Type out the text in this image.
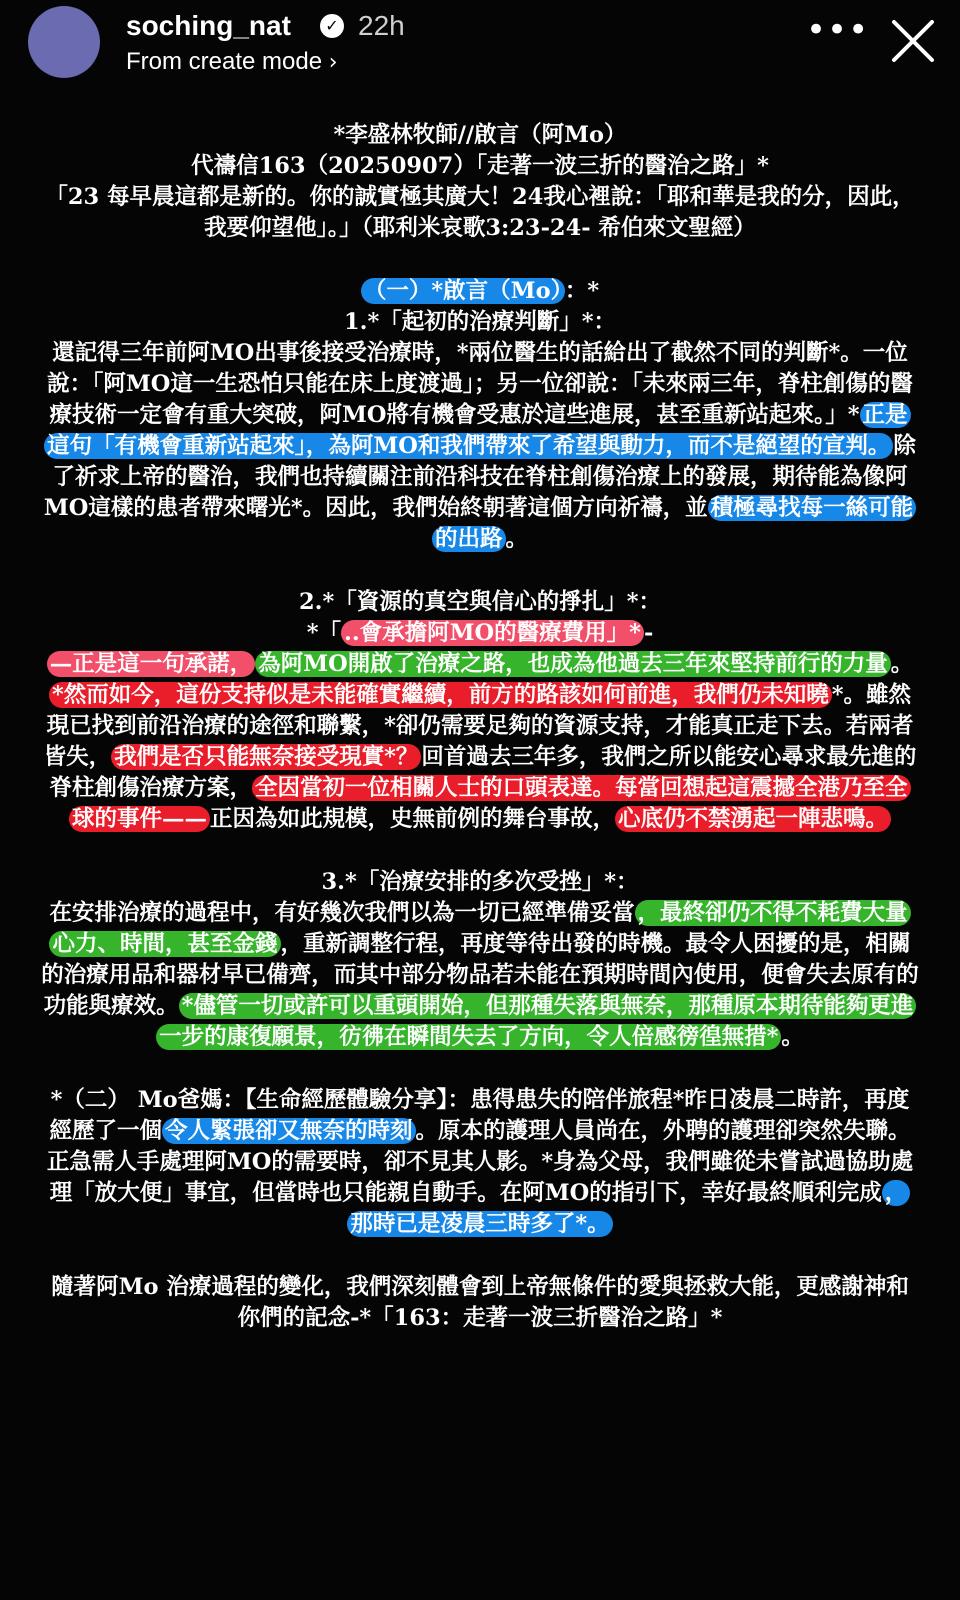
soching_nat	✓ 22h
From create mode ›
•••

*李盛林牧師//啟言（阿Mo）

代禱信163（20250907）「走著一波三折的醫治之路」*

「23 每早晨這都是新的。你的誠實極其廣大！24我心裡說：「耶和華是我的分，因此，我要仰望他」。」（耶利米哀歌3:23-24- 希伯來文聖經）

（一）*啟言（Mo） ：*

1.*「起初的治療判斷」*：

還記得三年前阿MO出事後接受治療時，*兩位醫生的話給出了截然不同的判斷*。一位說：「阿MO這一生恐怕只能在床上度渡過」；另一位卻說：「未來兩三年，脊柱創傷的醫療技術一定會有重大突破，阿MO將有機會受惠於這些進展，甚至重新站起來。」* 正是這句「有機會重新站起來」，為阿MO和我們帶來了希望與動力，而不是絕望的宣判。 除了祈求上帝的醫治，我們也持續關注前沿科技在脊柱創傷治療上的發展，期待能為像阿MO這樣的患者帶來曙光*。因此，我們始終朝著這個方向祈禱，並 積極尋找每一絲可能的出路 。

2.*「資源的真空與信心的掙扎」*：

*「 ..會承擔阿MO的醫療費用」* -
—正是這一句承諾， 為阿MO開啟了治療之路，也成為他過去三年來堅持前行的力量 。*然而如今，這份支持似是未能確實繼續，前方的路該如何前進，我們仍未知曉 *。雖然現已找到前沿治療的途徑和聯繫，*卻仍需要足夠的資源支持，才能真正走下去。若兩者皆失， 我們是否只能無奈接受現實*？ 回首過去三年多，我們之所以能安心尋求最先進的脊柱創傷治療方案， 全因當初一位相關人士的口頭表達。每當回想起這震撼全港乃至全球的事件—— 正因為如此規模，史無前例的舞台事故， 心底仍不禁湧起一陣悲鳴。

3.*「治療安排的多次受挫」*：

在安排治療的過程中，有好幾次我們以為一切已經準備妥當 ，最終卻仍不得不耗費大量心力、時間，甚至金錢 ，重新調整行程，再度等待出發的時機。最令人困擾的是，相關的治療用品和器材早已備齊，而其中部分物品若未能在預期時間內使用，便會失去原有的功能與療效。 *儘管一切或許可以重頭開始，但那種失落與無奈，那種原本期待能夠更進一步的康復願景，彷彿在瞬間失去了方向，令人倍感徬徨無措* 。

*（二） Mo爸媽：【生命經歷體驗分享】：患得患失的陪伴旅程*昨日凌晨二時許，再度經歷了一個 令人緊張卻又無奈的時刻 。原本的護理人員尚在，外聘的護理卻突然失聯。正急需人手處理阿MO的需要時，卻不見其人影。*身為父母，我們雖從未嘗試過協助處理「放大便」事宜，但當時也只能親自動手。在阿MO的指引下，幸好最終順利完成 ，那時已是凌晨三時多了*。

隨著阿Mo 治療過程的變化，我們深刻體會到上帝無條件的愛與拯救大能，更感謝神和你們的記念-*「163：走著一波三折醫治之路」*
